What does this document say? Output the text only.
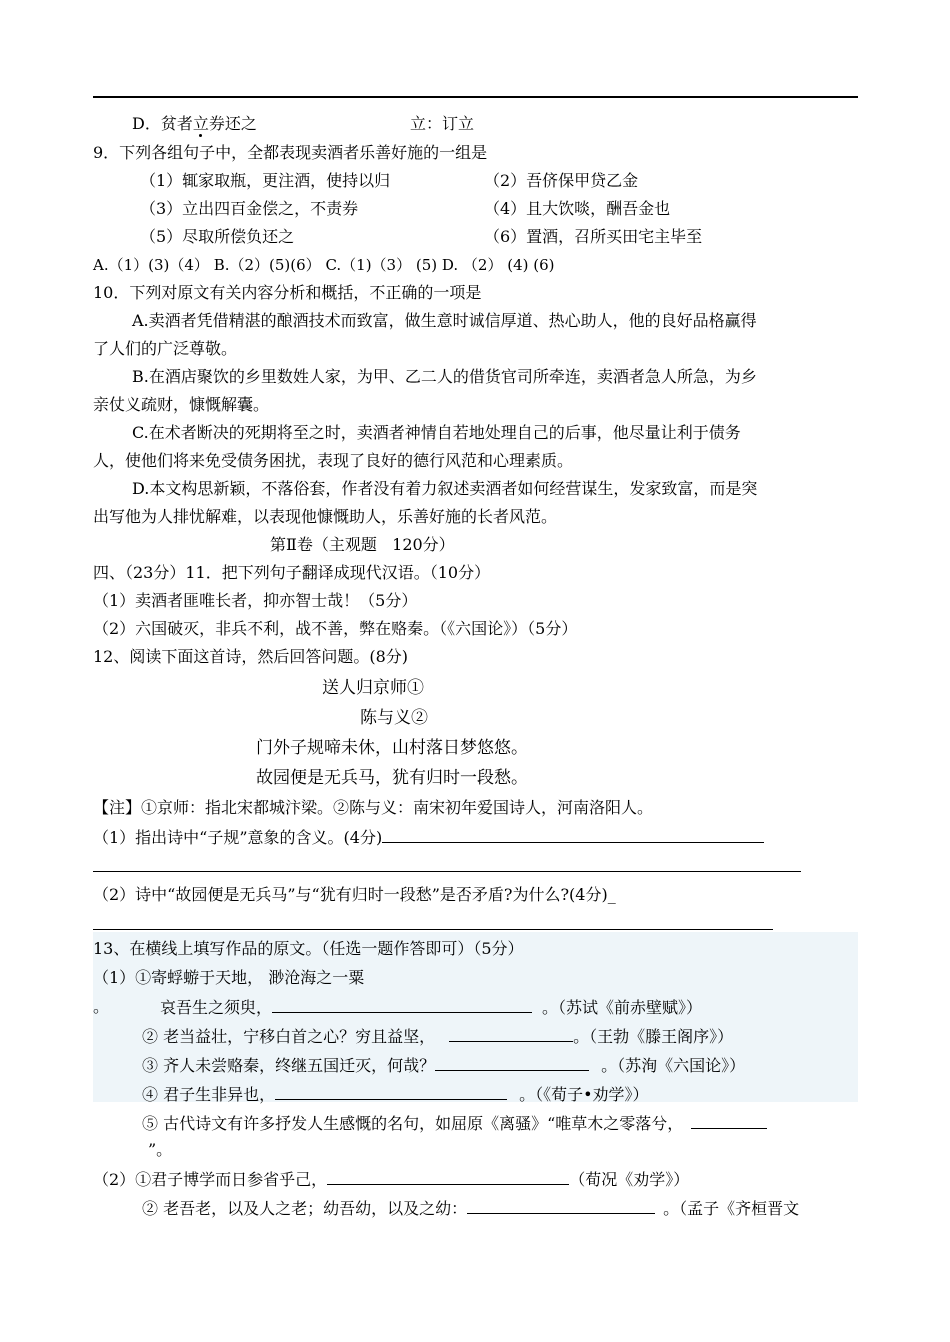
D．贫者立券还之	立：订立
9．下列各组句子中，全都表现卖酒者乐善好施的一组是
（1）辄家取瓶，更注酒，使持以归	（2）吾侪保甲贷乙金
（3）立出四百金偿之，不责券	（4）且大饮啖，酬吾金也
（5）尽取所偿负还之	（6）置酒，召所买田宅主毕至
A.（1）(3)（4） B.（2）(5)(6） C.（1)（3） (5) D. （2） (4) (6)
10．下列对原文有关内容分析和概括，不正确的一项是
A.卖酒者凭借精湛的酿酒技术而致富，做生意时诚信厚道、热心助人，他的良好品格赢得
了人们的广泛尊敬。
B.在酒店聚饮的乡里数姓人家，为甲、乙二人的借货官司所牵连，卖酒者急人所急，为乡
亲仗义疏财，慷慨解囊。
C.在术者断决的死期将至之时，卖酒者神情自若地处理自己的后事，他尽量让利于债务
人，使他们将来免受债务困扰，表现了良好的德行风范和心理素质。
D.本文构思新颖，不落俗套，作者没有着力叙述卖酒者如何经营谋生，发家致富，而是突
出写他为人排忧解难，以表现他慷慨助人，乐善好施的长者风范。
第Ⅱ卷（主观题   120分）
四、（23分）11．把下列句子翻译成现代汉语。（10分）
（1）卖酒者匪唯长者，抑亦智士哉！（5分）
（2）六国破灭，非兵不利，战不善，弊在赂秦。（《六国论》）（5分）
12、阅读下面这首诗，然后回答问题。(8分)
送人归京师①
陈与义②
门外子规啼未休，山村落日梦悠悠。
故园便是无兵马，犹有归时一段愁。
【注】①京师：指北宋都城汴梁。②陈与义：南宋初年爱国诗人，河南洛阳人。
（1）指出诗中“子规”意象的含义。(4分)
（2）诗中“故园便是无兵马”与“犹有归时一段愁”是否矛盾?为什么?(4分)_
13、在横线上填写作品的原文。（任选一题作答即可）（5分）
（1）①寄蜉蝣于天地， 渺沧海之一粟
。	哀吾生之须臾，	。（苏试《前赤壁赋》）
② 老当益壮，宁移白首之心？穷且益坚，	。（王勃《滕王阁序》）
③ 齐人未尝赂秦，终继五国迁灭，何哉？	。（苏洵《六国论》）
④ 君子生非异也，	。（《荀子•劝学》）
⑤ 古代诗文有许多抒发人生感慨的名句，如屈原《离骚》“唯草木之零落兮，
”。
（2）①君子博学而日参省乎己，	（荀况《劝学》）
② 老吾老，以及人之老；幼吾幼，以及之幼：	。（孟子《齐桓晋文
